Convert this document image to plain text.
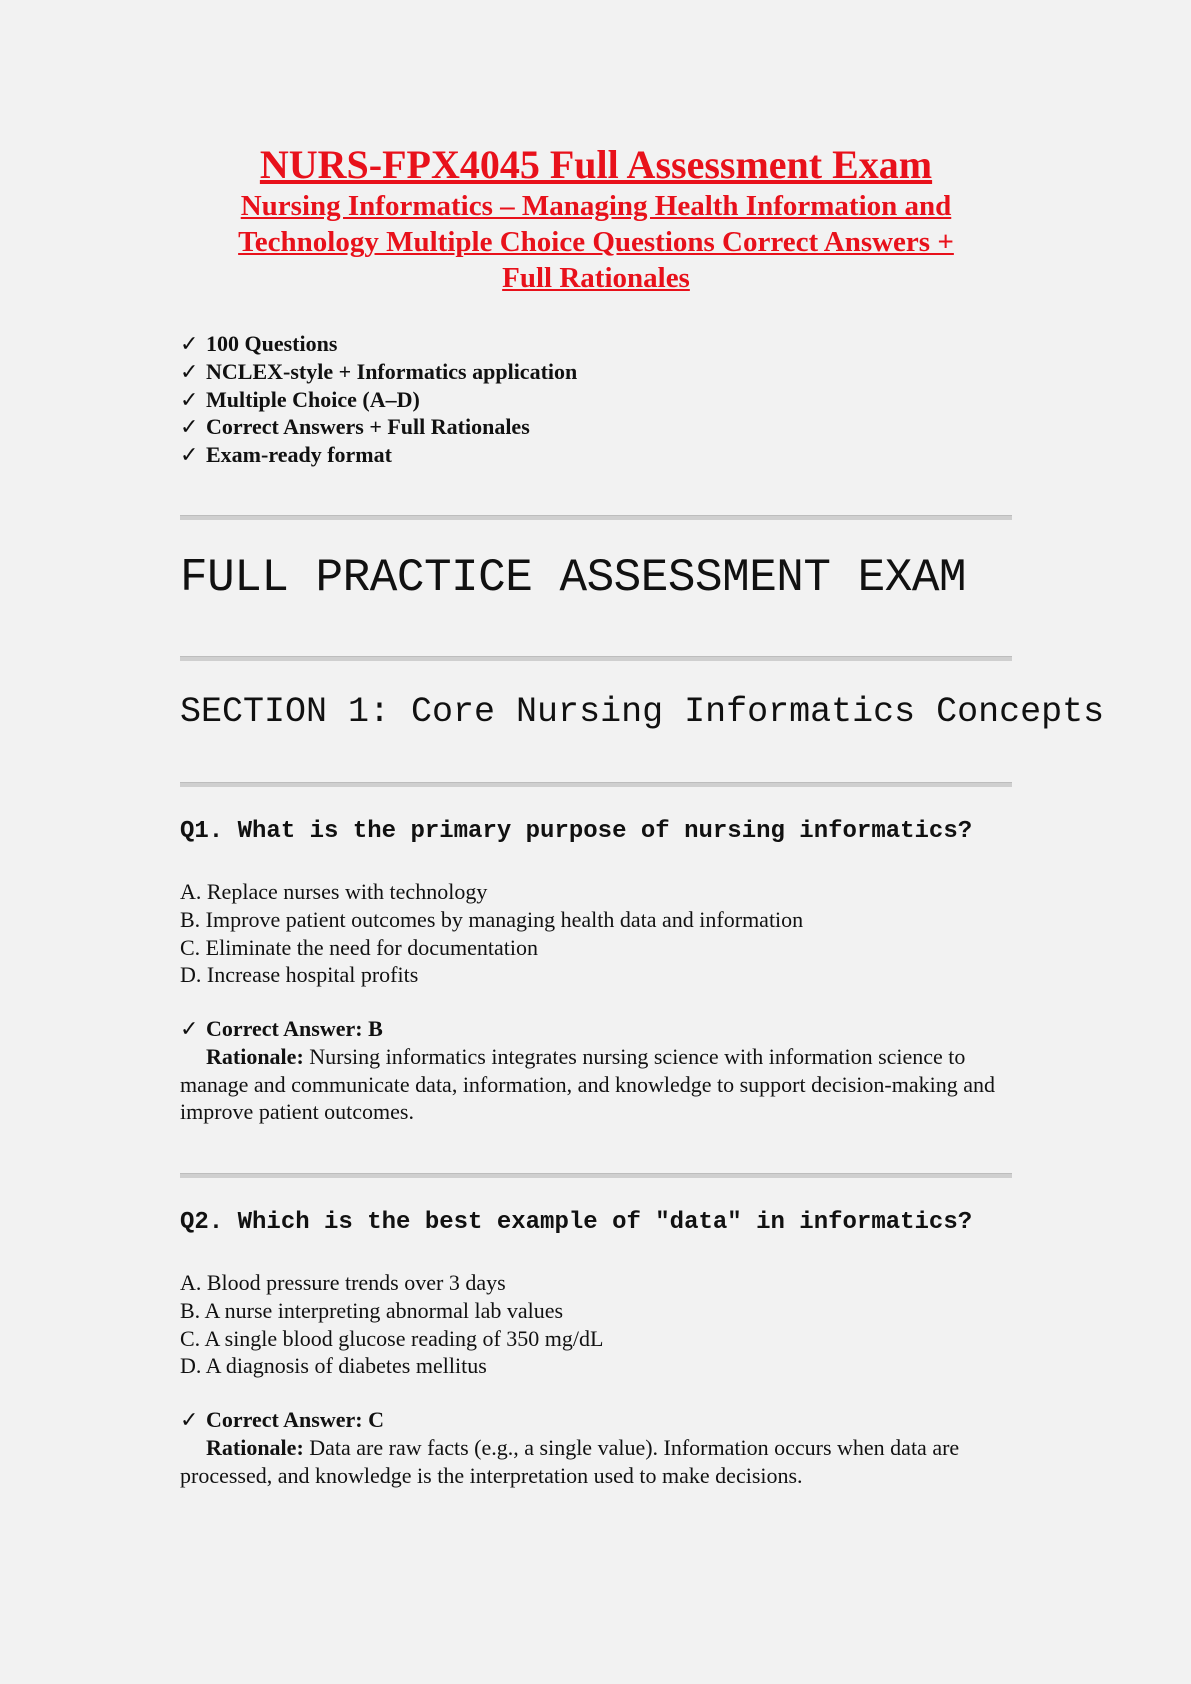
NURS-FPX4045 Full Assessment Exam

Nursing Informatics – Managing Health Information and

Technology Multiple Choice Questions Correct Answers +

Full Rationales

✓ 100 Questions
✓ NCLEX-style + Informatics application
✓ Multiple Choice (A–D)
✓ Correct Answers + Full Rationales
✓ Exam-ready format
FULL PRACTICE ASSESSMENT EXAM
SECTION 1: Core Nursing Informatics Concepts

Q1. What is the primary purpose of nursing informatics?

A. Replace nurses with technology
B. Improve patient outcomes by managing health data and information
C. Eliminate the need for documentation
D. Increase hospital profits
✓ Correct Answer: B

Rationale: Nursing informatics integrates nursing science with information science to manage and communicate data, information, and knowledge to support decision-making and improve patient outcomes.

Q2. Which is the best example of "data" in informatics?

A. Blood pressure trends over 3 days
B. A nurse interpreting abnormal lab values
C. A single blood glucose reading of 350 mg/dL
D. A diagnosis of diabetes mellitus
✓ Correct Answer: C

Rationale: Data are raw facts (e.g., a single value). Information occurs when data are processed, and knowledge is the interpretation used to make decisions.
